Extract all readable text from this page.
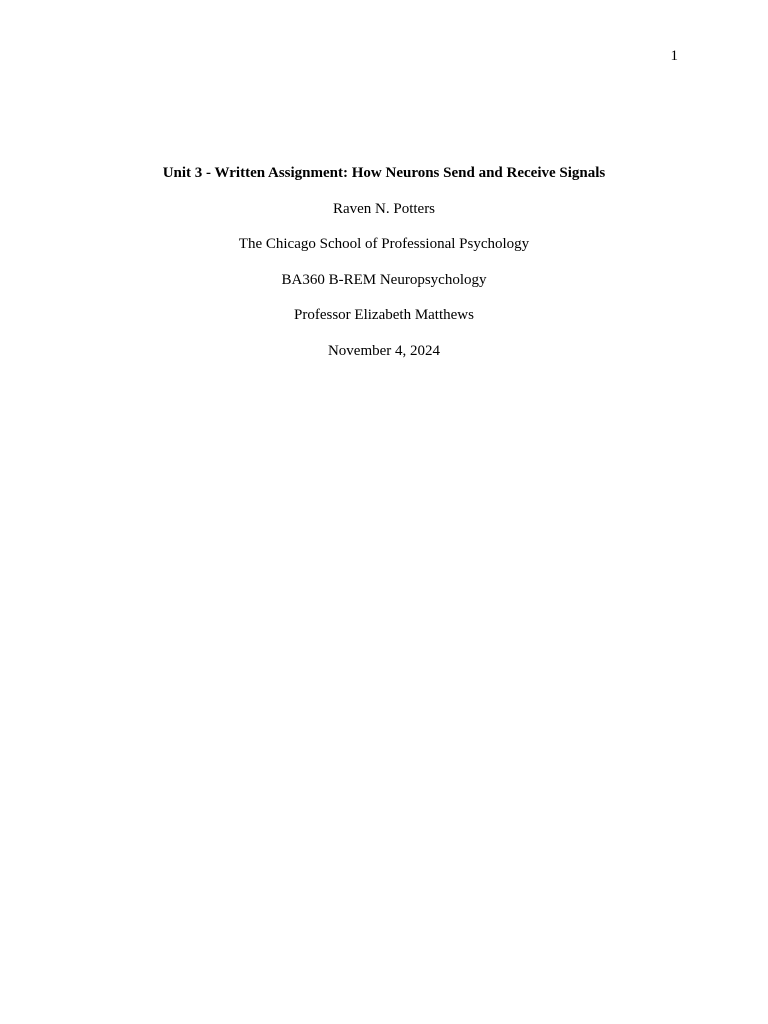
1
Unit 3 - Written Assignment: How Neurons Send and Receive Signals
Raven N. Potters
The Chicago School of Professional Psychology
BA360 B-REM Neuropsychology
Professor Elizabeth Matthews
November 4, 2024
